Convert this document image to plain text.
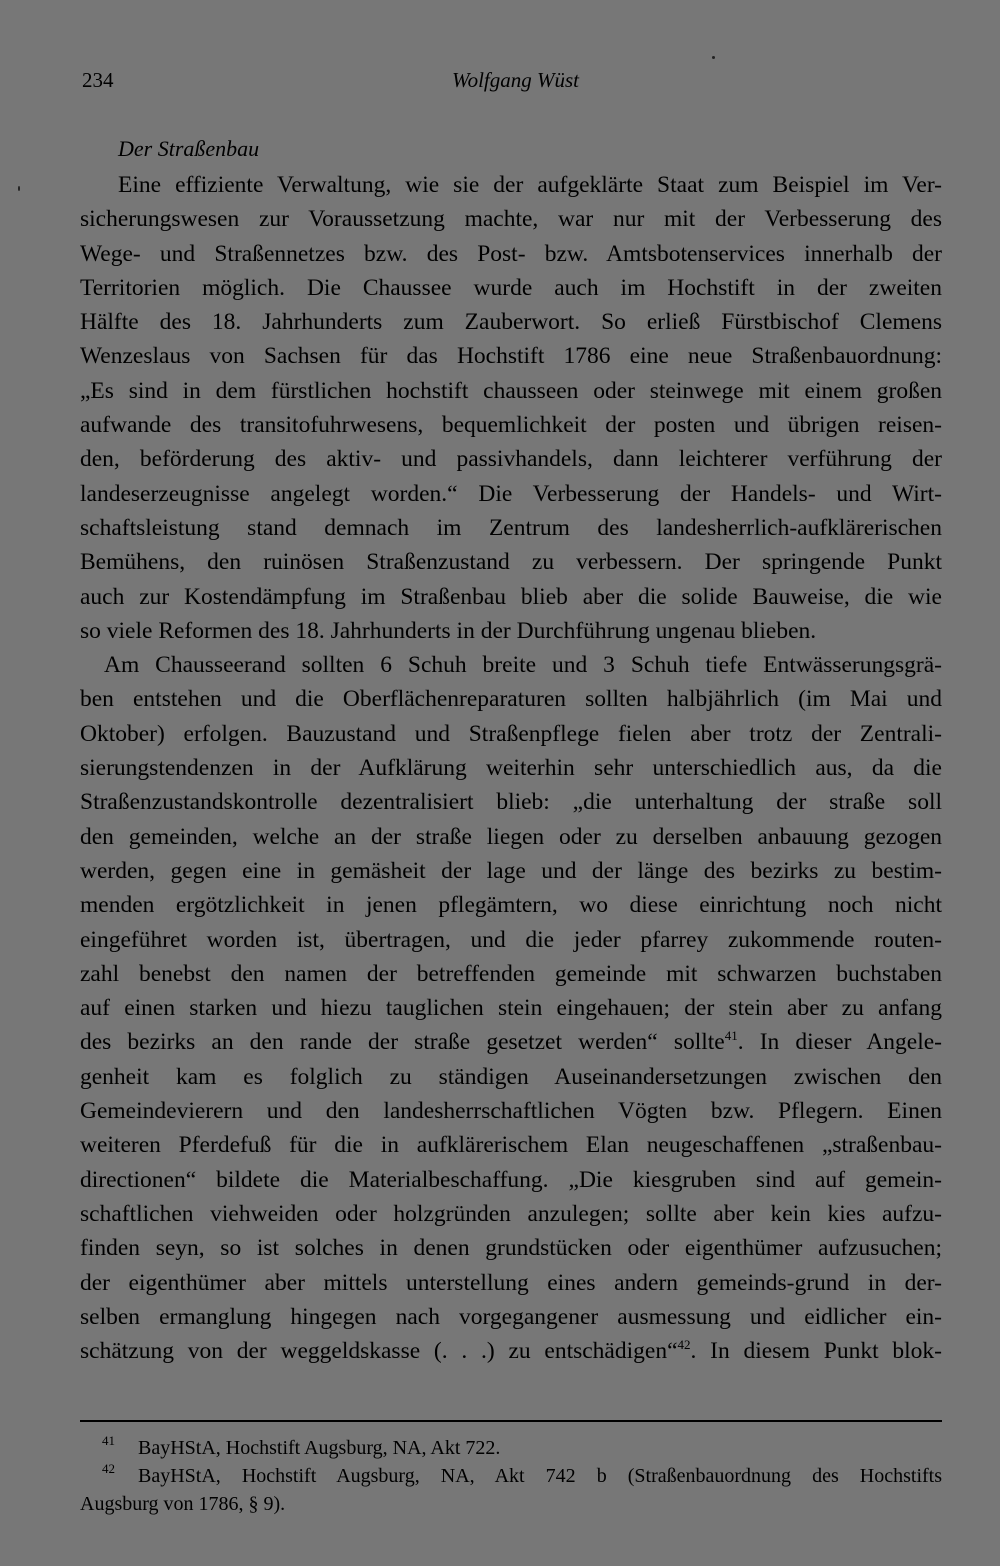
234	Wolfgang Wüst
Der Straßenbau
Eine effiziente Verwaltung, wie sie der aufgeklärte Staat zum Beispiel im Ver-
sicherungswesen zur Voraussetzung machte, war nur mit der Verbesserung des
Wege- und Straßennetzes bzw. des Post- bzw. Amtsbotenservices innerhalb der
Territorien möglich. Die Chaussee wurde auch im Hochstift in der zweiten
Hälfte des 18. Jahrhunderts zum Zauberwort. So erließ Fürstbischof Clemens
Wenzeslaus von Sachsen für das Hochstift 1786 eine neue Straßenbauordnung:
„Es sind in dem fürstlichen hochstift chausseen oder steinwege mit einem großen
aufwande des transitofuhrwesens, bequemlichkeit der posten und übrigen reisen-
den, beförderung des aktiv- und passivhandels, dann leichterer verführung der
landeserzeugnisse angelegt worden.“ Die Verbesserung der Handels- und Wirt-
schaftsleistung stand demnach im Zentrum des landesherrlich-aufklärerischen
Bemühens, den ruinösen Straßenzustand zu verbessern. Der springende Punkt
auch zur Kostendämpfung im Straßenbau blieb aber die solide Bauweise, die wie
so viele Reformen des 18. Jahrhunderts in der Durchführung ungenau blieben.
Am Chausseerand sollten 6 Schuh breite und 3 Schuh tiefe Entwässerungsgrä-
ben entstehen und die Oberflächenreparaturen sollten halbjährlich (im Mai und
Oktober) erfolgen. Bauzustand und Straßenpflege fielen aber trotz der Zentrali-
sierungstendenzen in der Aufklärung weiterhin sehr unterschiedlich aus, da die
Straßenzustandskontrolle dezentralisiert blieb: „die unterhaltung der straße soll
den gemeinden, welche an der straße liegen oder zu derselben anbauung gezogen
werden, gegen eine in gemäsheit der lage und der länge des bezirks zu bestim-
menden ergötzlichkeit in jenen pflegämtern, wo diese einrichtung noch nicht
eingeführet worden ist, übertragen, und die jeder pfarrey zukommende routen-
zahl benebst den namen der betreffenden gemeinde mit schwarzen buchstaben
auf einen starken und hiezu tauglichen stein eingehauen; der stein aber zu anfang
des bezirks an den rande der straße gesetzet werden“ sollte$^{41}$. In dieser Angele-
genheit kam es folglich zu ständigen Auseinandersetzungen zwischen den
Gemeindevierern und den landesherrschaftlichen Vögten bzw. Pflegern. Einen
weiteren Pferdefuß für die in aufklärerischem Elan neugeschaffenen „straßenbau-
directionen“ bildete die Materialbeschaffung. „Die kiesgruben sind auf gemein-
schaftlichen viehweiden oder holzgründen anzulegen; sollte aber kein kies aufzu-
finden seyn, so ist solches in denen grundstücken oder eigenthümer aufzusuchen;
der eigenthümer aber mittels unterstellung eines andern gemeinds-grund in der-
selben ermanglung hingegen nach vorgegangener ausmessung und eidlicher ein-
schätzung von der weggeldskasse (. . .) zu entschädigen“$^{42}$. In diesem Punkt blok-
$^{41}$ BayHStA, Hochstift Augsburg, NA, Akt 722.
$^{42}$ BayHStA, Hochstift Augsburg, NA, Akt 742 b (Straßenbauordnung des Hochstifts
Augsburg von 1786, § 9).
